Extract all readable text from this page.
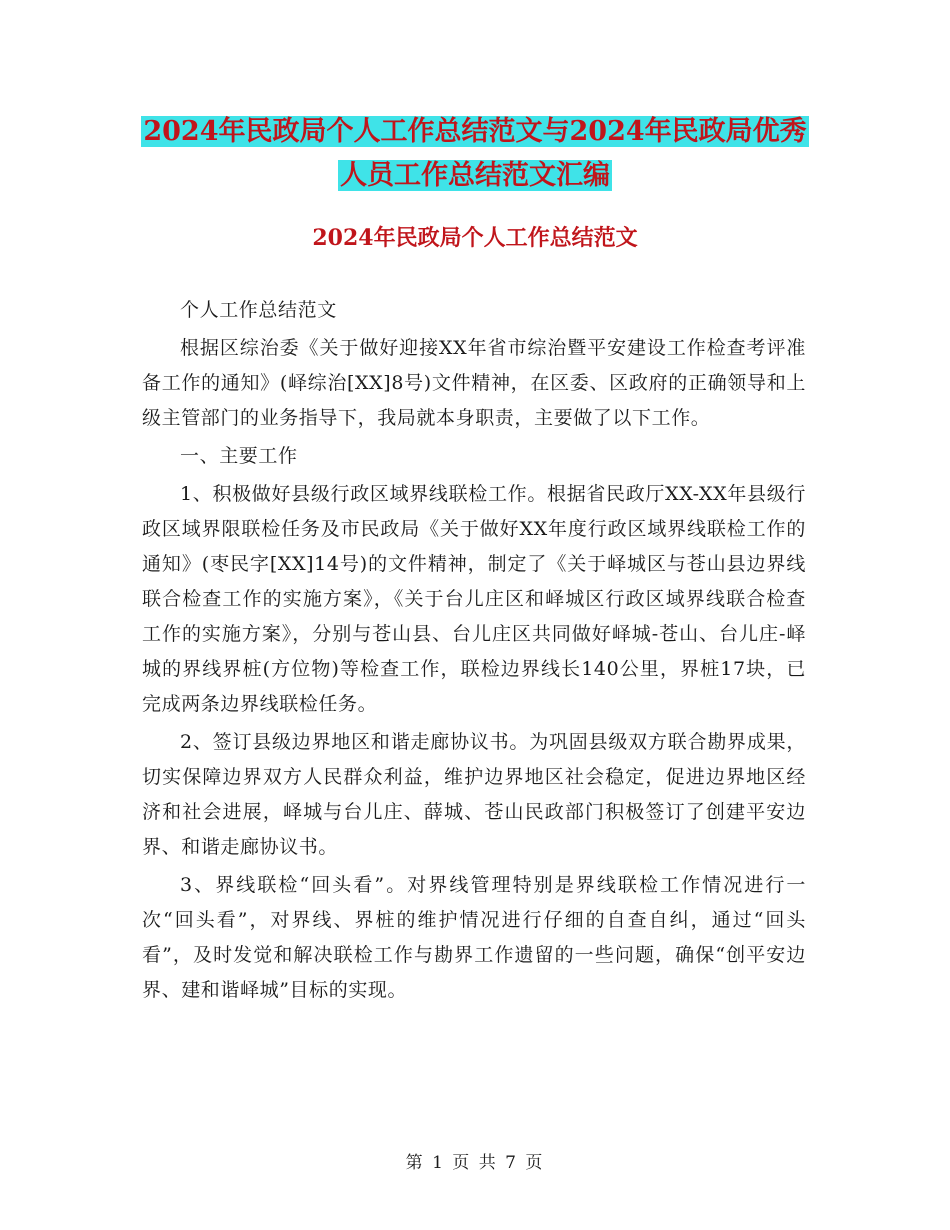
2024年民政局个人工作总结范文与2024年民政局优秀
人员工作总结范文汇编
2024年民政局个人工作总结范文

个人工作总结范文

根据区综治委《关于做好迎接XX年省市综治暨平安建设工作检查考评准备工作的通知》(峄综治[XX]8号)文件精神，在区委、区政府的正确领导和上级主管部门的业务指导下，我局就本身职责，主要做了以下工作。

一、主要工作

1、积极做好县级行政区域界线联检工作。根据省民政厅XX-XX年县级行政区域界限联检任务及市民政局《关于做好XX年度行政区域界线联检工作的通知》(枣民字[XX]14号)的文件精神，制定了《关于峄城区与苍山县边界线联合检查工作的实施方案》，《关于台儿庄区和峄城区行政区域界线联合检查工作的实施方案》，分别与苍山县、台儿庄区共同做好峄城-苍山、台儿庄-峄城的界线界桩(方位物)等检查工作，联检边界线长140公里，界桩17块，已完成两条边界线联检任务。

2、签订县级边界地区和谐走廊协议书。为巩固县级双方联合勘界成果，切实保障边界双方人民群众利益，维护边界地区社会稳定，促进边界地区经济和社会进展，峄城与台儿庄、薛城、苍山民政部门积极签订了创建平安边界、和谐走廊协议书。

3、界线联检“回头看”。对界线管理特别是界线联检工作情况进行一次“回头看”，对界线、界桩的维护情况进行仔细的自查自纠，通过“回头看”，及时发觉和解决联检工作与勘界工作遗留的一些问题，确保“创平安边界、建和谐峄城”目标的实现。

第 1 页 共 7 页
